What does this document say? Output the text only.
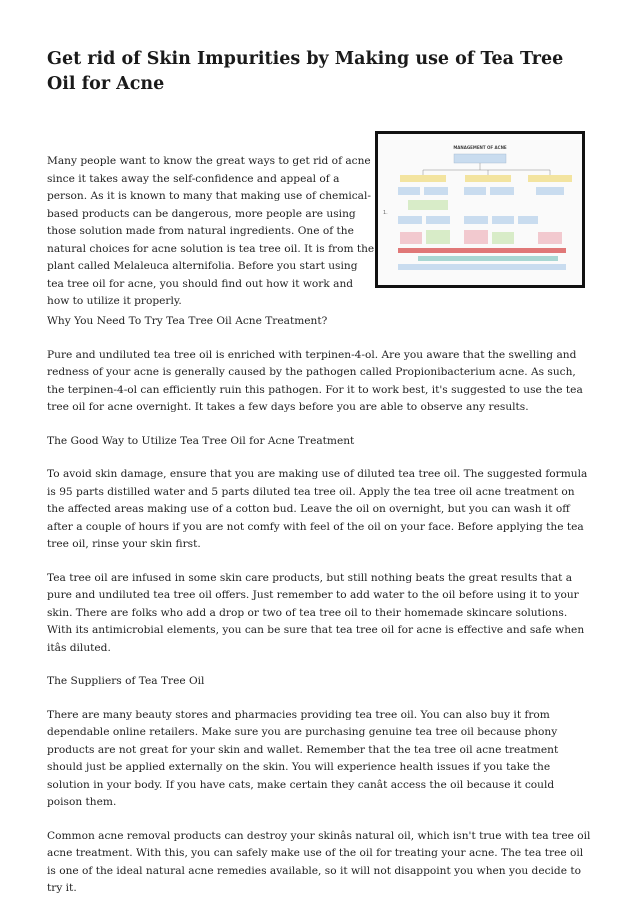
Get rid of Skin Impurities by Making use of Tea Tree Oil for Acne

Many people want to know the great ways to get rid of acne since it takes away the self-confidence and appeal of a person. As it is known to many that making use of chemical-based products can be dangerous, more people are using those solution made from natural ingredients. One of the natural choices for acne solution is tea tree oil. It is from the plant called Melaleuca alternifolia. Before you start using tea tree oil for acne, you should find out how it work and how to utilize it properly.

MANAGEMENT OF ACNE
1.

Why You Need To Try Tea Tree Oil Acne Treatment?

Pure and undiluted tea tree oil is enriched with terpinen-4-ol. Are you aware that the swelling and redness of your acne is generally caused by the pathogen called Propionibacterium acne. As such, the terpinen-4-ol can efficiently ruin this pathogen. For it to work best, it's suggested to use the tea tree oil for acne overnight. It takes a few days before you are able to observe any results.

The Good Way to Utilize Tea Tree Oil for Acne Treatment

To avoid skin damage, ensure that you are making use of diluted tea tree oil. The suggested formula is 95 parts distilled water and 5 parts diluted tea tree oil. Apply the tea tree oil acne treatment on the affected areas making use of a cotton bud. Leave the oil on overnight, but you can wash it off after a couple of hours if you are not comfy with feel of the oil on your face. Before applying the tea tree oil, rinse your skin first.

Tea tree oil are infused in some skin care products, but still nothing beats the great results that a pure and undiluted tea tree oil offers. Just remember to add water to the oil before using it to your skin. There are folks who add a drop or two of tea tree oil to their homemade skincare solutions. With its antimicrobial elements, you can be sure that tea tree oil for acne is effective and safe when itâs diluted.

The Suppliers of Tea Tree Oil

There are many beauty stores and pharmacies providing tea tree oil. You can also buy it from dependable online retailers. Make sure you are purchasing genuine tea tree oil because phony products are not great for your skin and wallet. Remember that the tea tree oil acne treatment should just be applied externally on the skin. You will experience health issues if you take the solution in your body. If you have cats, make certain they canât access the oil because it could poison them.

Common acne removal products can destroy your skinâs natural oil, which isn't true with tea tree oil acne treatment. With this, you can safely make use of the oil for treating your acne. The tea tree oil is one of the ideal natural acne remedies available, so it will not disappoint you when you decide to try it.
